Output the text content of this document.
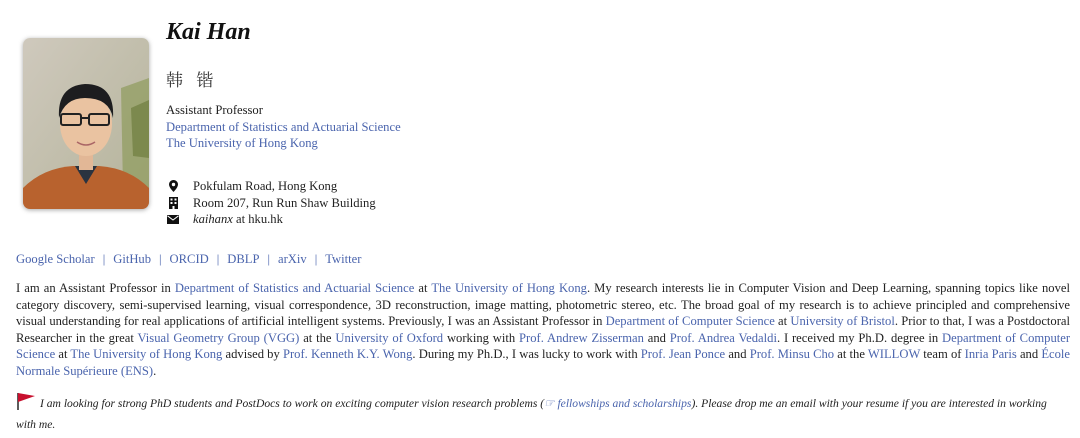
Kai Han
韩 锴
Assistant Professor
Department of Statistics and Actuarial Science
The University of Hong Kong
Pokfulam Road, Hong Kong
Room 207, Run Run Shaw Building
kaihanx at hku.hk
Google Scholar | GitHub | ORCID | DBLP | arXiv | Twitter
I am an Assistant Professor in Department of Statistics and Actuarial Science at The University of Hong Kong. My research interests lie in Computer Vision and Deep Learning, spanning topics like novel category discovery, semi-supervised learning, visual correspondence, 3D reconstruction, image matting, photometric stereo, etc. The broad goal of my research is to achieve principled and comprehensive visual understanding for real applications of artificial intelligent systems. Previously, I was an Assistant Professor in Department of Computer Science at University of Bristol. Prior to that, I was a Postdoctoral Researcher in the great Visual Geometry Group (VGG) at the University of Oxford working with Prof. Andrew Zisserman and Prof. Andrea Vedaldi. I received my Ph.D. degree in Department of Computer Science at The University of Hong Kong advised by Prof. Kenneth K.Y. Wong. During my Ph.D., I was lucky to work with Prof. Jean Ponce and Prof. Minsu Cho at the WILLOW team of Inria Paris and École Normale Supérieure (ENS).
I am looking for strong PhD students and PostDocs to work on exciting computer vision research problems (☞ fellowships and scholarships). Please drop me an email with your resume if you are interested in working with me.
